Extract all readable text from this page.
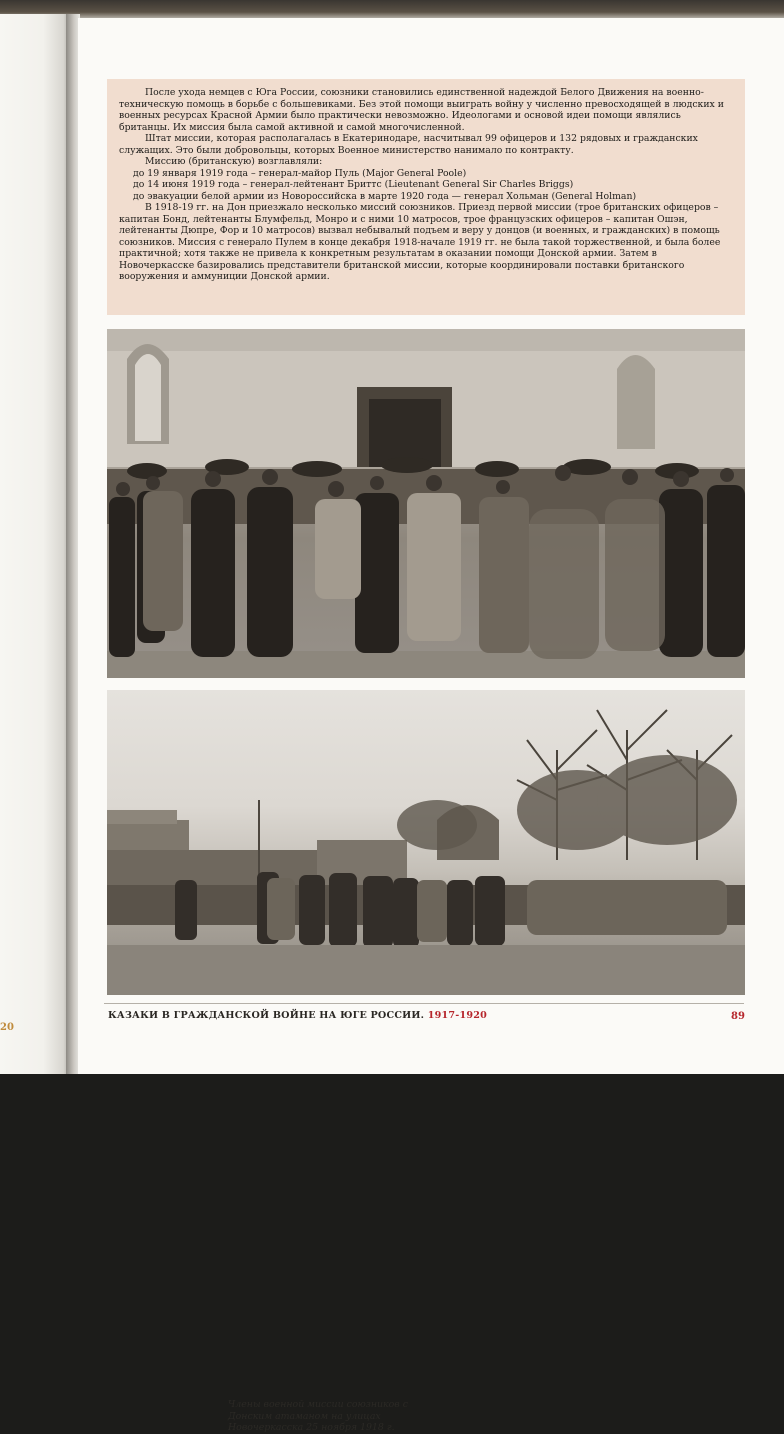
20

После ухода немцев с Юга России, союзники становились единственной надеждой Белого Движения на военно-техническую помощь в борьбе с большевиками. Без этой помощи выиграть войну у численно превосходящей в людских и военных ресурсах Красной Армии было практически невозможно. Идеологами и основой идеи помощи являлись британцы. Их миссия была самой активной и самой многочисленной.

Штат миссии, которая располагалась в Екатеринодаре, насчитывал 99 офицеров и 132 рядовых и гражданских служащих. Это были добровольцы, которых Военное министерство нанимало по контракту.

Миссию (британскую) возглавляли:

до 19 января 1919 года – генерал-майор Пуль (Major General Poole)

до 14 июня 1919 года – генерал-лейтенант Бриттс (Lieutenant General Sir Charles Briggs)

до эвакуации белой армии из Новороссийска в марте 1920 года — генерал Хольман (General Holman)

В 1918-19 гг. на Дон приезжало несколько миссий союзников. Приезд первой миссии (трое британских офицеров – капитан Бонд, лейтенанты Блумфельд, Монро и с ними 10 матросов, трое французских офицеров – капитан Ошэн, лейтенанты Дюпре, Фор и 10 матросов) вызвал небывалый подъем и веру у донцов (и военных, и гражданских) в помощь союзников. Миссия с генерало Пулем в конце декабря 1918-начале 1919 гг. не была такой торжественной, и была более практичной; хотя также не привела к конкретным результатам в оказании помощи Донской армии. Затем в Новочеркасске базировались представители британской миссии, которые координировали поставки британского вооружения и аммуниции Донской армии.

Члены военной миссии союзников с Донским атаманом на улицах Новочеркасска 25 ноября 1918 г.
КАЗАКИ В ГРАЖДАНСКОЙ ВОЙНЕ НА ЮГЕ РОССИИ. 1917-1920	89
